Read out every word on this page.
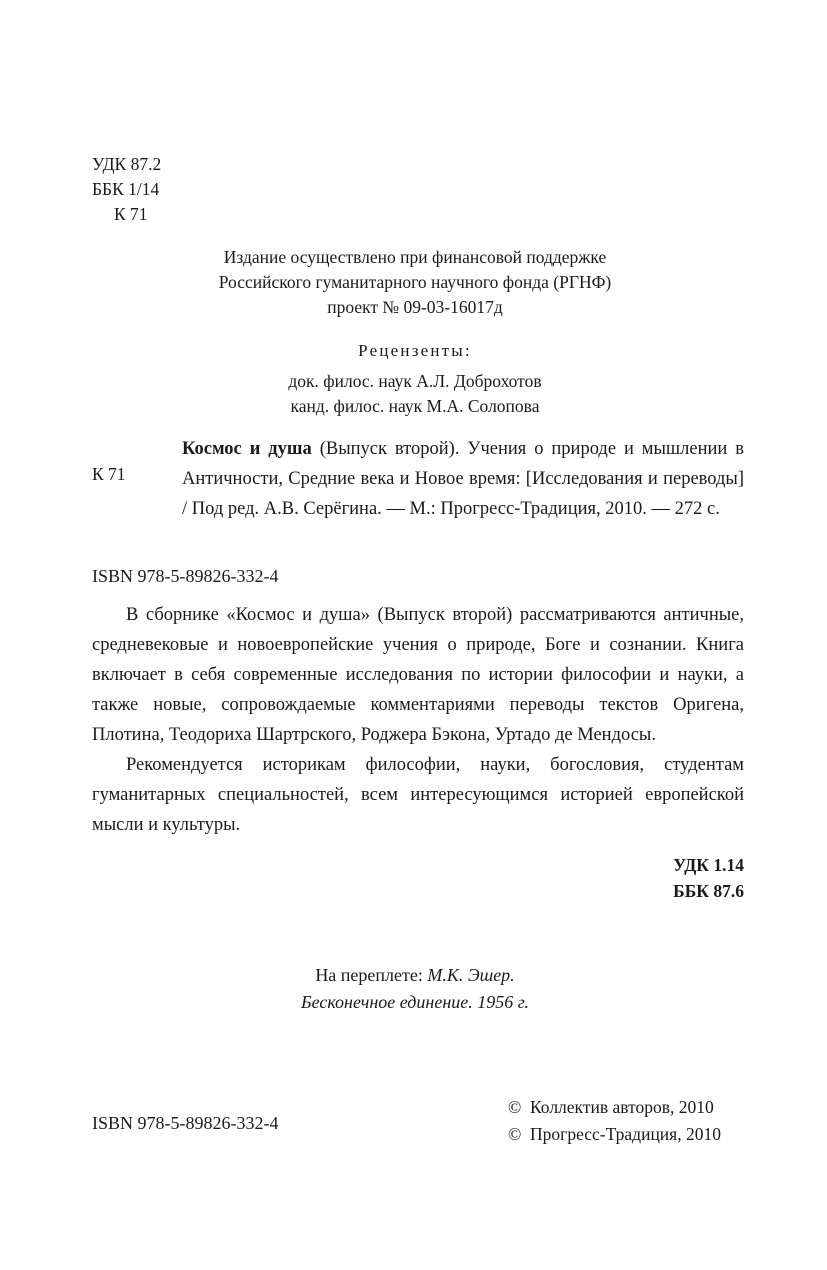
УДК 87.2
ББК 1/14
К 71
Издание осуществлено при финансовой поддержке
Российского гуманитарного научного фонда (РГНФ)
проект № 09-03-16017д
Рецензенты:
док. филос. наук А.Л. Доброхотов
канд. филос. наук М.А. Солопова
К 71
Космос и душа (Выпуск второй). Учения о природе и мышлении в Античности, Средние века и Новое время: [Исследования и переводы] / Под ред. А.В. Серёгина. — М.: Прогресс-Традиция, 2010. — 272 с.
ISBN 978-5-89826-332-4

В сборнике «Космос и душа» (Выпуск второй) рассматриваются античные, средневековые и новоевропейские учения о природе, Боге и сознании. Книга включает в себя современные исследования по истории философии и науки, а также новые, сопровождаемые комментариями переводы текстов Оригена, Плотина, Теодориха Шартрского, Роджера Бэкона, Уртадо де Мендосы.

Рекомендуется историкам философии, науки, богословия, студентам гуманитарных специальностей, всем интересующимся историей европейской мысли и культуры.

УДК 1.14
ББК 87.6
На переплете: М.К. Эшер.
Бесконечное единение. 1956 г.
ISBN 978-5-89826-332-4
© Коллектив авторов, 2010
© Прогресс-Традиция, 2010
